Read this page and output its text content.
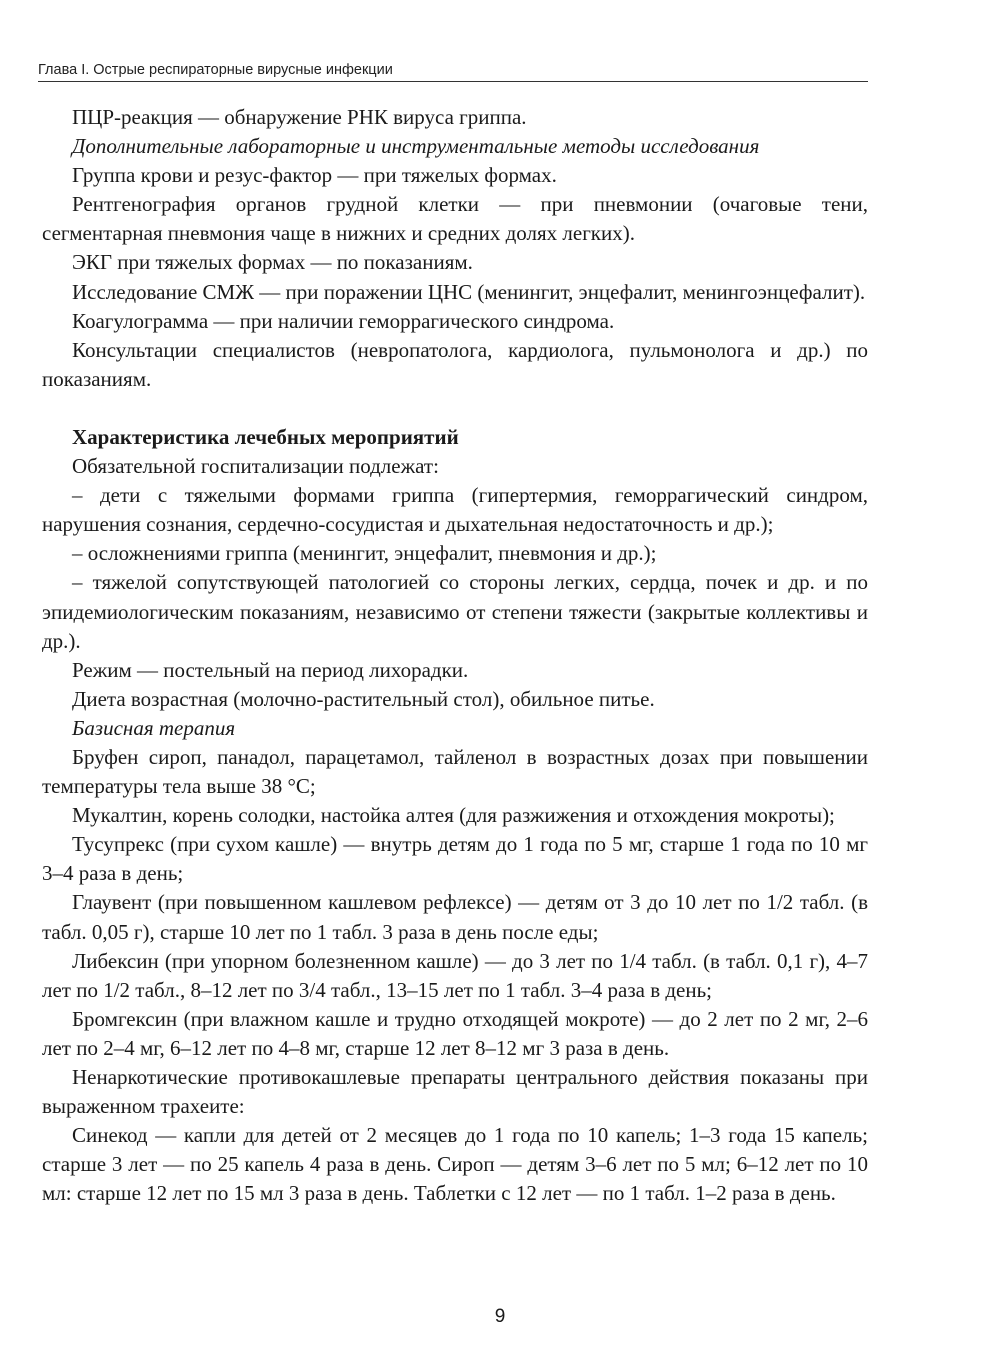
Глава I. Острые респираторные вирусные инфекции

ПЦР-реакция — обнаружение РНК вируса гриппа.

Дополнительные лабораторные и инструментальные методы исследования

Группа крови и резус-фактор — при тяжелых формах.

Рентгенография органов грудной клетки — при пневмонии (очаговые тени, сегментарная пневмония чаще в нижних и средних долях легких).

ЭКГ при тяжелых формах — по показаниям.

Исследование СМЖ — при поражении ЦНС (менингит, энцефалит, менингоэнцефалит).

Коагулограмма — при наличии геморрагического синдрома.

Консультации специалистов (невропатолога, кардиолога, пульмонолога и др.) по показаниям.

Характеристика лечебных мероприятий

Обязательной госпитализации подлежат:

– дети с тяжелыми формами гриппа (гипертермия, геморрагический синдром, нарушения сознания, сердечно-сосудистая и дыхательная недостаточность и др.);

– осложнениями гриппа (менингит, энцефалит, пневмония и др.);

– тяжелой сопутствующей патологией со стороны легких, сердца, почек и др. и по эпидемиологическим показаниям, независимо от степени тяжести (закрытые коллективы и др.).

Режим — постельный на период лихорадки.

Диета возрастная (молочно-растительный стол), обильное питье.

Базисная терапия

Бруфен сироп, панадол, парацетамол, тайленол в возрастных дозах при повышении температуры тела выше 38 °С;

Мукалтин, корень солодки, настойка алтея (для разжижения и отхождения мокроты);

Тусупрекс (при сухом кашле) — внутрь детям до 1 года по 5 мг, старше 1 года по 10 мг 3–4 раза в день;

Глаувент (при повышенном кашлевом рефлексе) — детям от 3 до 10 лет по 1/2 табл. (в табл. 0,05 г), старше 10 лет по 1 табл. 3 раза в день после еды;

Либексин (при упорном болезненном кашле) — до 3 лет по 1/4 табл. (в табл. 0,1 г), 4–7 лет по 1/2 табл., 8–12 лет по 3/4 табл., 13–15 лет по 1 табл. 3–4 раза в день;

Бромгексин (при влажном кашле и трудно отходящей мокроте) — до 2 лет по 2 мг, 2–6 лет по 2–4 мг, 6–12 лет по 4–8 мг, старше 12 лет 8–12 мг 3 раза в день.

Ненаркотические противокашлевые препараты центрального действия показаны при выраженном трахеите:

Синекод — капли для детей от 2 месяцев до 1 года по 10 капель; 1–3 года 15 капель; старше 3 лет — по 25 капель 4 раза в день. Сироп — детям 3–6 лет по 5 мл; 6–12 лет по 10 мл: старше 12 лет по 15 мл 3 раза в день. Таблетки с 12 лет — по 1 табл. 1–2 раза в день.

9
